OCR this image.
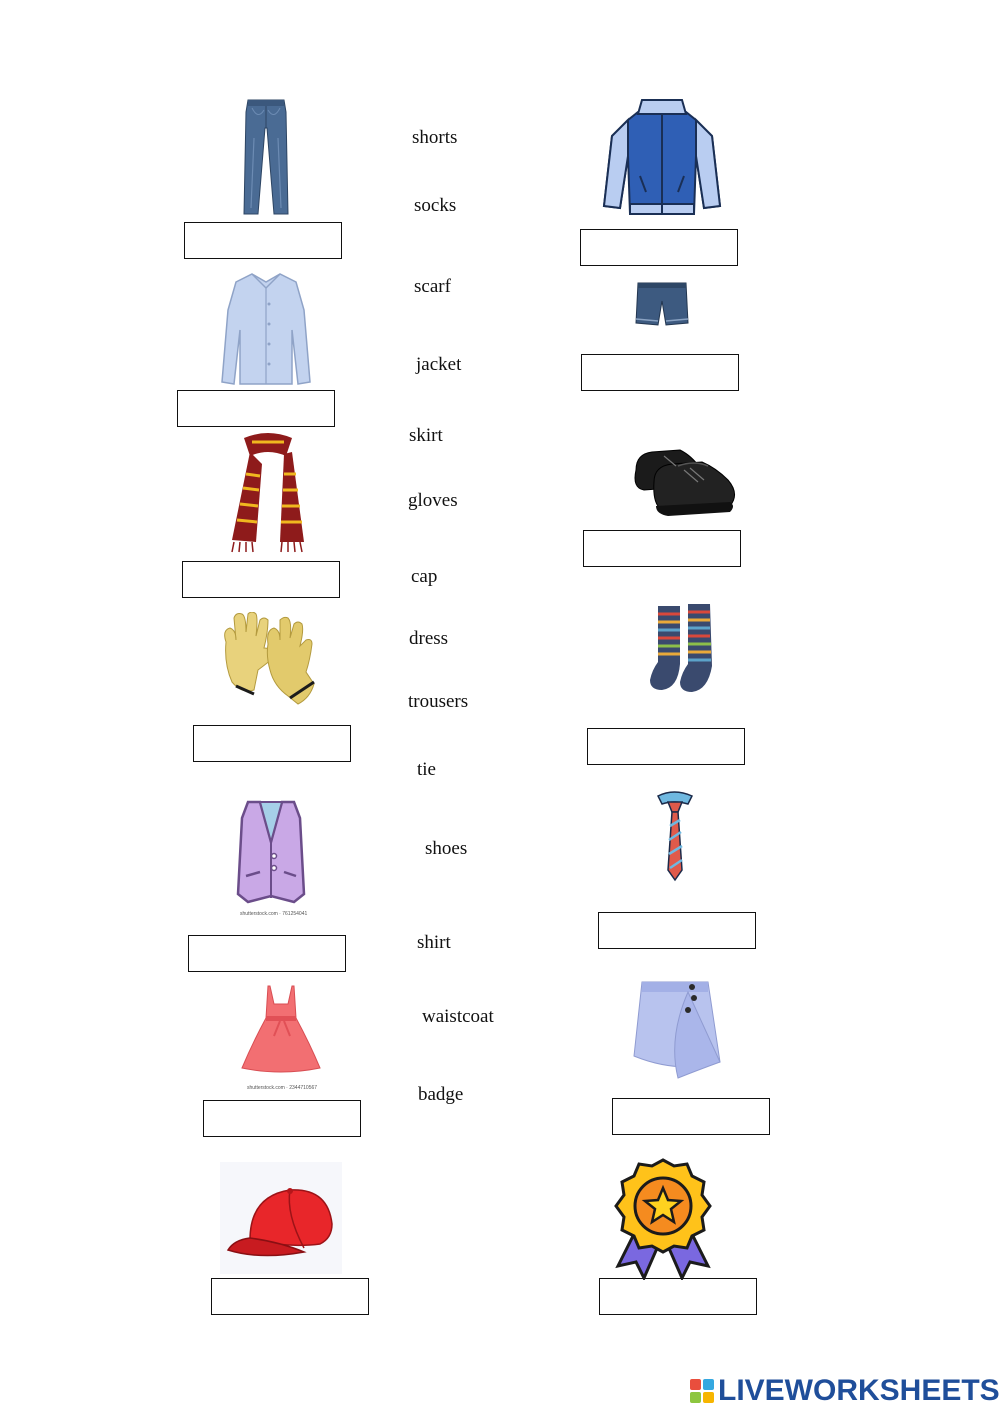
shorts
socks
scarf
jacket
skirt
gloves
cap
dress
trousers
tie
shoes
shirt
waistcoat
badge
shutterstock.com · 761254041
shutterstock.com · 2344710567
LIVEWORKSHEETS
